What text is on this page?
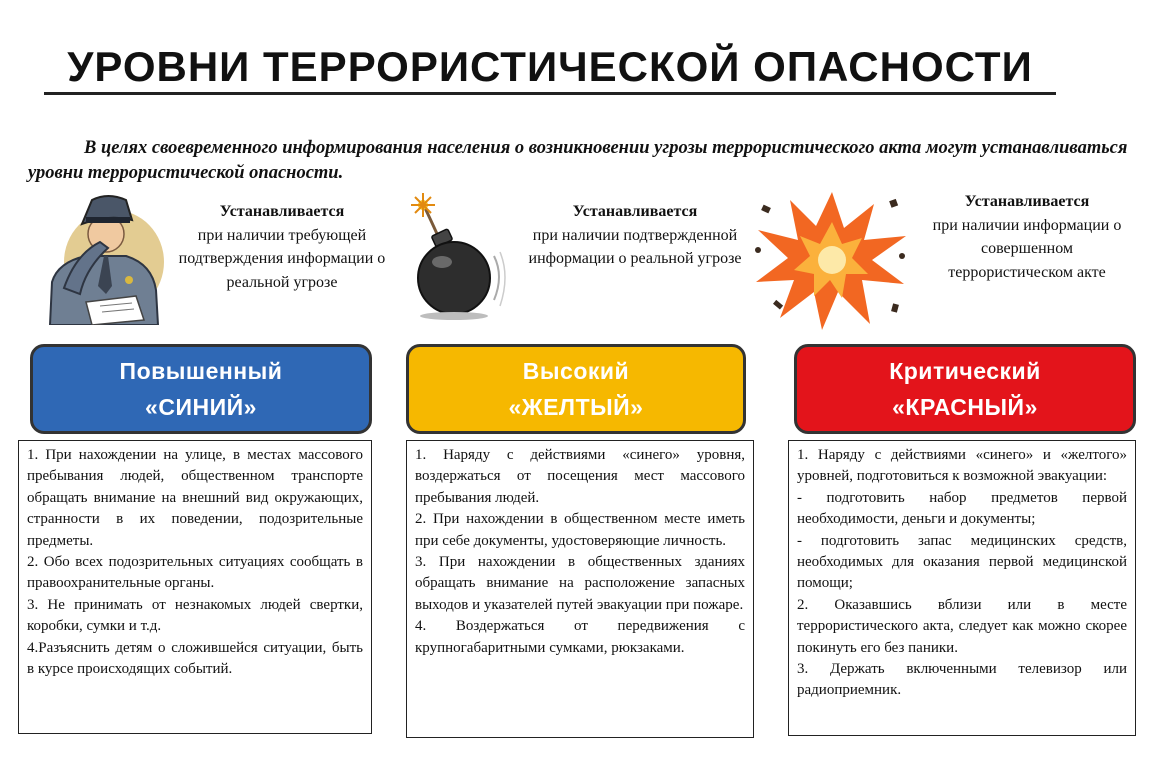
УРОВНИ ТЕРРОРИСТИЧЕСКОЙ ОПАСНОСТИ

В целях своевременного информирования населения о возникновении угрозы террористического акта могут устанавливаться уровни террористической опасности.

Устанавливается
при наличии требующей подтверждения информации о реальной угрозе
Устанавливается
при наличии подтвержденной информации о реальной угрозе
Устанавливается
при наличии информации о совершенном террористическом акте
Повышенный
«СИНИЙ»
Высокий
«ЖЕЛТЫЙ»
Критический
«КРАСНЫЙ»

1. При нахождении на улице, в местах массового пребывания людей, общественном транспорте обращать внимание на внешний вид окружающих, странности в их поведении, подозрительные предметы.

2. Обо всех подозрительных ситуациях сообщать в правоохранительные органы.

3. Не принимать от незнакомых людей свертки, коробки, сумки и т.д.

4.Разъяснить детям о сложившейся ситуации, быть в курсе происходящих событий.

1. Наряду с действиями «синего» уровня, воздержаться от посещения мест массового пребывания людей.

2. При нахождении в общественном месте иметь при себе документы, удостоверяющие личность.

3. При нахождении в общественных зданиях обращать внимание на расположение запасных выходов и указателей путей эвакуации при пожаре.

4. Воздержаться от передвижения с крупногабаритными сумками, рюкзаками.

1. Наряду с действиями «синего» и «желтого» уровней, подготовиться к возможной эвакуации:

- подготовить набор предметов первой необходимости, деньги и документы;

- подготовить запас медицинских средств, необходимых для оказания первой медицинской помощи;

2. Оказавшись вблизи или в месте террористического акта, следует как можно скорее покинуть его без паники.

3. Держать включенными телевизор или радиоприемник.
